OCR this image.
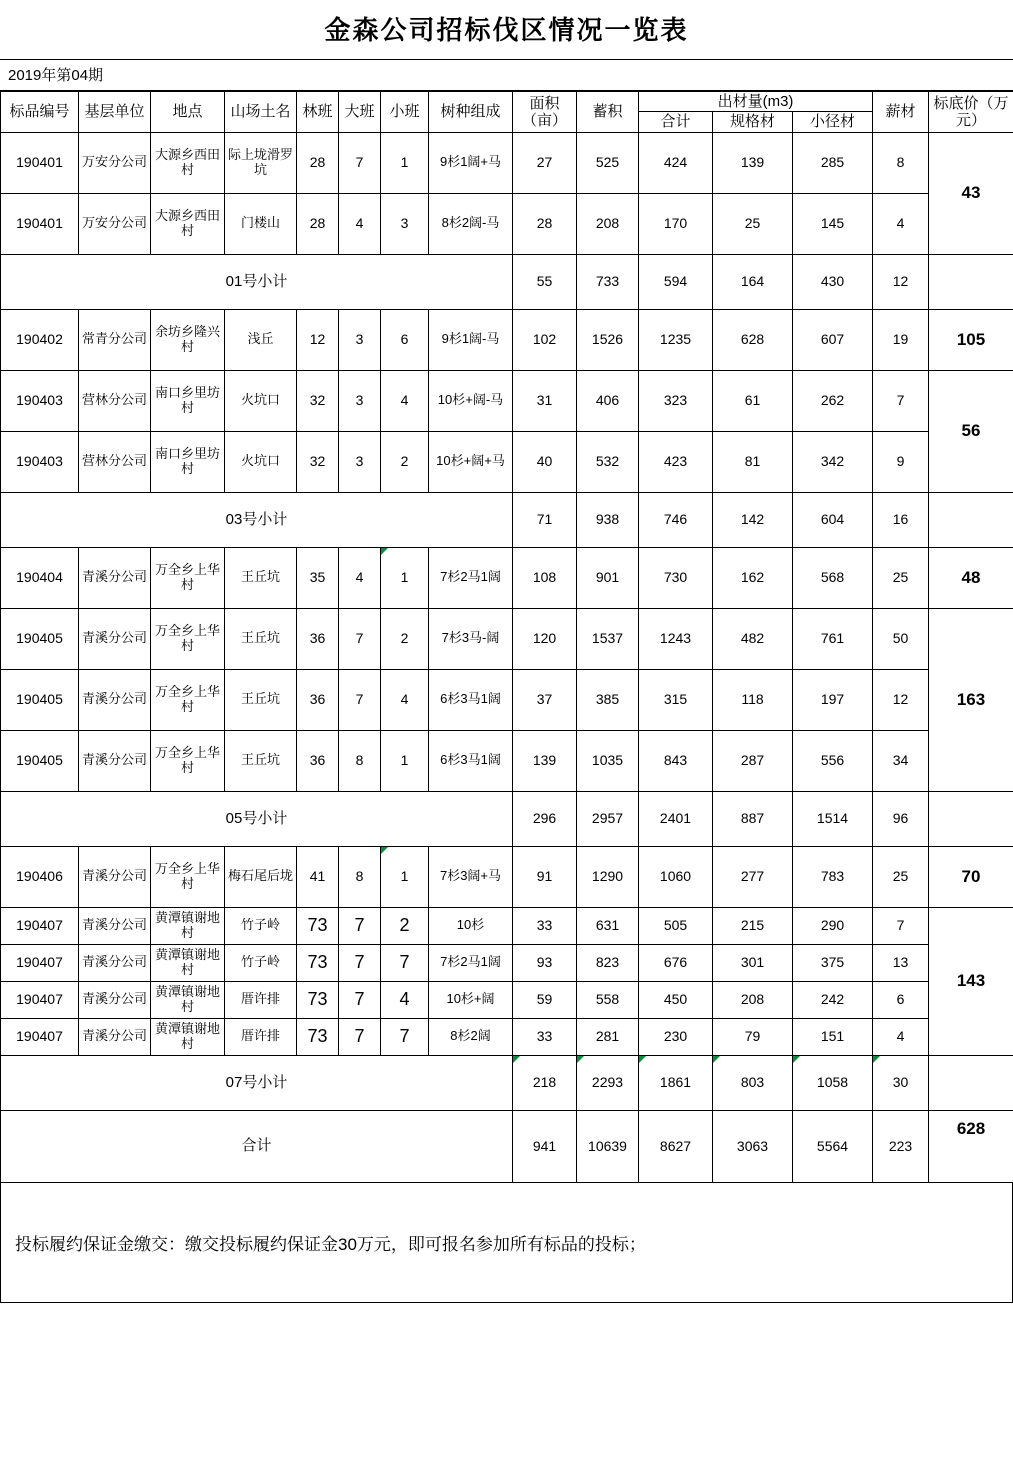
金森公司招标伐区情况一览表
2019年第04期
标品编号	基层单位	地点	山场土名	林班	大班	小班	树种组成	面积（亩）	蓄积	出材量(m3)			薪材	标底价（万元）
										合计	规格材	小径材		
190401	万安分公司	大源乡西田村	际上垅滑罗坑	28	7	1	9杉1阔+马	27	525	424	139	285	8	43
190401	万安分公司	大源乡西田村	门楼山	28	4	3	8杉2阔-马	28	208	170	25	145	4	
01号小计								55	733	594	164	430	12	
190402	常青分公司	余坊乡隆兴村	浅丘	12	3	6	9杉1阔-马	102	1526	1235	628	607	19	105
190403	营林分公司	南口乡里坊村	火坑口	32	3	4	10杉+阔-马	31	406	323	61	262	7	56
190403	营林分公司	南口乡里坊村	火坑口	32	3	2	10杉+阔+马	40	532	423	81	342	9	
03号小计								71	938	746	142	604	16	
190404	青溪分公司	万全乡上华村	王丘坑	35	4	1	7杉2马1阔	108	901	730	162	568	25	48
190405	青溪分公司	万全乡上华村	王丘坑	36	7	2	7杉3马-阔	120	1537	1243	482	761	50	163
190405	青溪分公司	万全乡上华村	王丘坑	36	7	4	6杉3马1阔	37	385	315	118	197	12	
190405	青溪分公司	万全乡上华村	王丘坑	36	8	1	6杉3马1阔	139	1035	843	287	556	34	
05号小计								296	2957	2401	887	1514	96	
190406	青溪分公司	万全乡上华村	梅石尾后垅	41	8	1	7杉3阔+马	91	1290	1060	277	783	25	70
190407	青溪分公司	黄潭镇谢地村	竹子岭	73	7	2	10杉	33	631	505	215	290	7	143
190407	青溪分公司	黄潭镇谢地村	竹子岭	73	7	7	7杉2马1阔	93	823	676	301	375	13	
190407	青溪分公司	黄潭镇谢地村	厝许排	73	7	4	10杉+阔	59	558	450	208	242	6	
190407	青溪分公司	黄潭镇谢地村	厝许排	73	7	7	8杉2阔	33	281	230	79	151	4	
07号小计								218	2293	1861	803	1058	30	
合计								941	10639	8627	3063	5564	223	628
投标履约保证金缴交：缴交投标履约保证金30万元，即可报名参加所有标品的投标；
